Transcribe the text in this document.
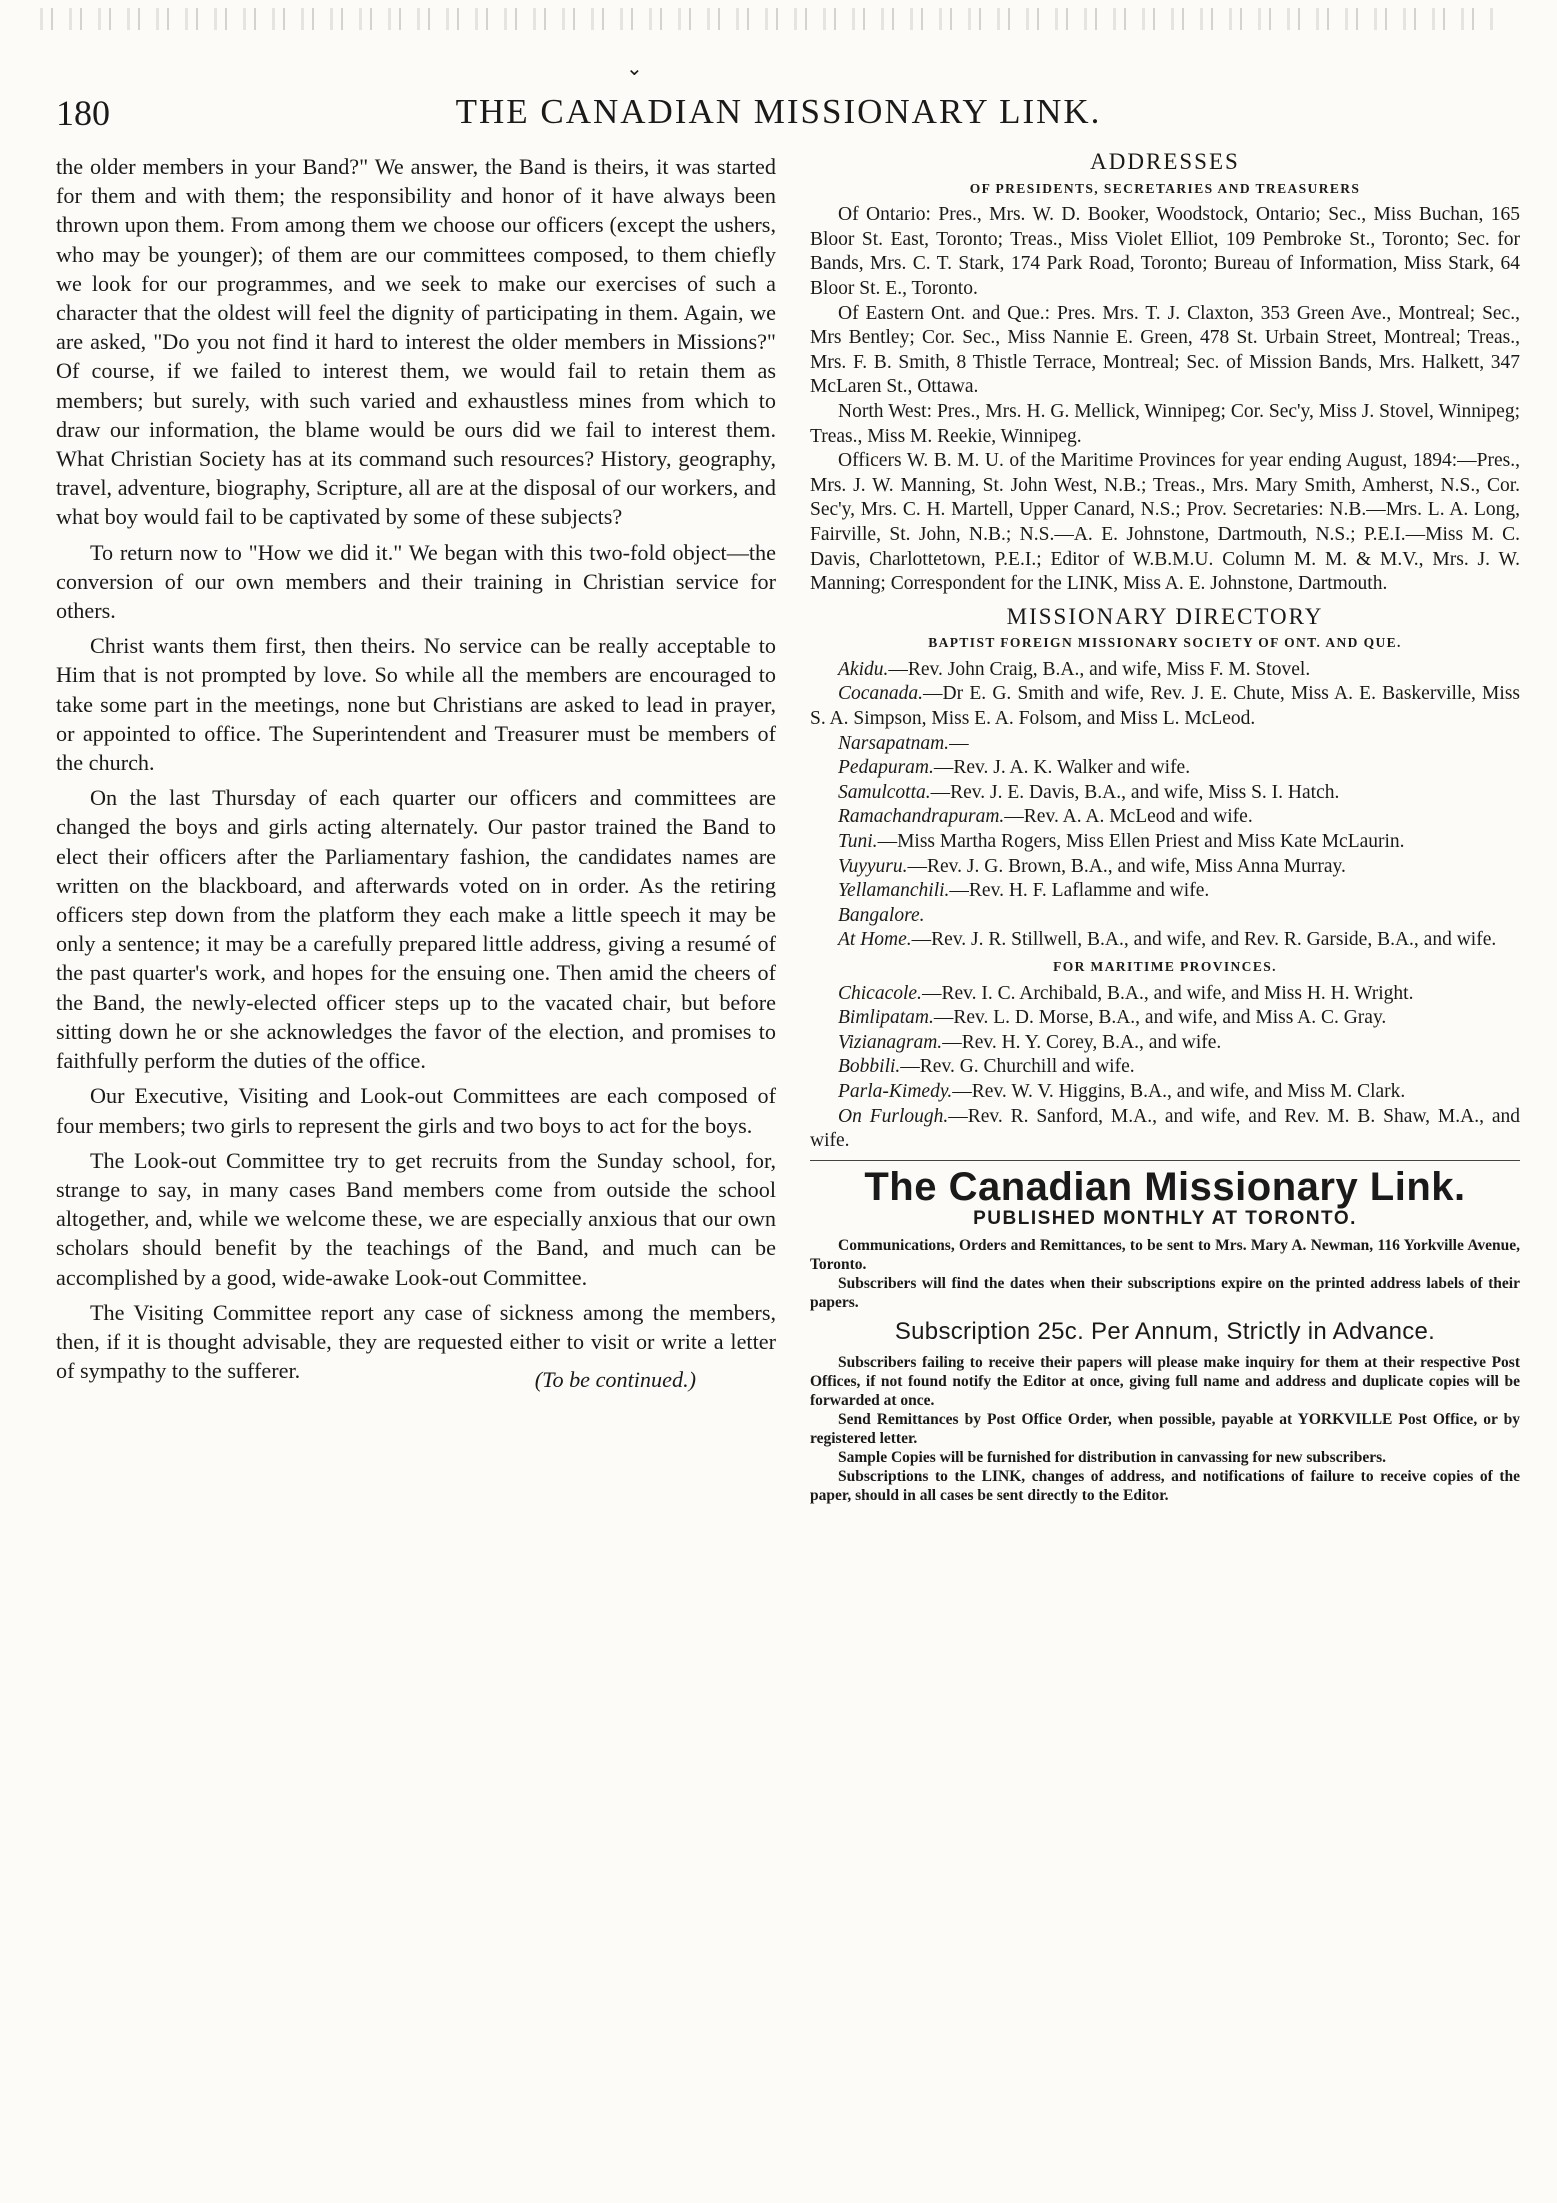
⌄
180	THE CANADIAN MISSIONARY LINK.

the older members in your Band?" We answer, the Band is theirs, it was started for them and with them; the responsibility and honor of it have always been thrown upon them. From among them we choose our officers (except the ushers, who may be younger); of them are our committees composed, to them chiefly we look for our programmes, and we seek to make our exercises of such a character that the oldest will feel the dignity of participating in them. Again, we are asked, "Do you not find it hard to interest the older members in Missions?" Of course, if we failed to interest them, we would fail to retain them as members; but surely, with such varied and exhaustless mines from which to draw our information, the blame would be ours did we fail to interest them. What Christian Society has at its command such resources? History, geography, travel, adventure, biography, Scripture, all are at the disposal of our workers, and what boy would fail to be captivated by some of these subjects?

To return now to "How we did it." We began with this two-fold object—the conversion of our own members and their training in Christian service for others.

Christ wants them first, then theirs. No service can be really acceptable to Him that is not prompted by love. So while all the members are encouraged to take some part in the meetings, none but Christians are asked to lead in prayer, or appointed to office. The Superintendent and Treasurer must be members of the church.

On the last Thursday of each quarter our officers and committees are changed the boys and girls acting alternately. Our pastor trained the Band to elect their officers after the Parliamentary fashion, the candidates names are written on the blackboard, and afterwards voted on in order. As the retiring officers step down from the platform they each make a little speech it may be only a sentence; it may be a carefully prepared little address, giving a resumé of the past quarter's work, and hopes for the ensuing one. Then amid the cheers of the Band, the newly-elected officer steps up to the vacated chair, but before sitting down he or she acknowledges the favor of the election, and promises to faithfully perform the duties of the office.

Our Executive, Visiting and Look-out Committees are each composed of four members; two girls to represent the girls and two boys to act for the boys.

The Look-out Committee try to get recruits from the Sunday school, for, strange to say, in many cases Band members come from outside the school altogether, and, while we welcome these, we are especially anxious that our own scholars should benefit by the teachings of the Band, and much can be accomplished by a good, wide-awake Look-out Committee.

The Visiting Committee report any case of sickness among the members, then, if it is thought advisable, they are requested either to visit or write a letter of sympathy to the sufferer.	(To be continued.)
ADDRESSES
OF PRESIDENTS, SECRETARIES AND TREASURERS

Of Ontario: Pres., Mrs. W. D. Booker, Woodstock, Ontario; Sec., Miss Buchan, 165 Bloor St. East, Toronto; Treas., Miss Violet Elliot, 109 Pembroke St., Toronto; Sec. for Bands, Mrs. C. T. Stark, 174 Park Road, Toronto; Bureau of Information, Miss Stark, 64 Bloor St. E., Toronto.

Of Eastern Ont. and Que.: Pres. Mrs. T. J. Claxton, 353 Green Ave., Montreal; Sec., Mrs Bentley; Cor. Sec., Miss Nannie E. Green, 478 St. Urbain Street, Montreal; Treas., Mrs. F. B. Smith, 8 Thistle Terrace, Montreal; Sec. of Mission Bands, Mrs. Halkett, 347 McLaren St., Ottawa.

North West: Pres., Mrs. H. G. Mellick, Winnipeg; Cor. Sec'y, Miss J. Stovel, Winnipeg; Treas., Miss M. Reekie, Winnipeg.

Officers W. B. M. U. of the Maritime Provinces for year ending August, 1894:—Pres., Mrs. J. W. Manning, St. John West, N.B.; Treas., Mrs. Mary Smith, Amherst, N.S., Cor. Sec'y, Mrs. C. H. Martell, Upper Canard, N.S.; Prov. Secretaries: N.B.—Mrs. L. A. Long, Fairville, St. John, N.B.; N.S.—A. E. Johnstone, Dartmouth, N.S.; P.E.I.—Miss M. C. Davis, Charlottetown, P.E.I.; Editor of W.B.M.U. Column M. M. & M.V., Mrs. J. W. Manning; Correspondent for the LINK, Miss A. E. Johnstone, Dartmouth.

MISSIONARY DIRECTORY
BAPTIST FOREIGN MISSIONARY SOCIETY OF ONT. AND QUE.

Akidu.—Rev. John Craig, B.A., and wife, Miss F. M. Stovel.

Cocanada.—Dr E. G. Smith and wife, Rev. J. E. Chute, Miss A. E. Baskerville, Miss S. A. Simpson, Miss E. A. Folsom, and Miss L. McLeod.

Narsapatnam.—

Pedapuram.—Rev. J. A. K. Walker and wife.

Samulcotta.—Rev. J. E. Davis, B.A., and wife, Miss S. I. Hatch.

Ramachandrapuram.—Rev. A. A. McLeod and wife.

Tuni.—Miss Martha Rogers, Miss Ellen Priest and Miss Kate McLaurin.

Vuyyuru.—Rev. J. G. Brown, B.A., and wife, Miss Anna Murray.

Yellamanchili.—Rev. H. F. Laflamme and wife.

Bangalore.

At Home.—Rev. J. R. Stillwell, B.A., and wife, and Rev. R. Garside, B.A., and wife.

FOR MARITIME PROVINCES.

Chicacole.—Rev. I. C. Archibald, B.A., and wife, and Miss H. H. Wright.

Bimlipatam.—Rev. L. D. Morse, B.A., and wife, and Miss A. C. Gray.

Vizianagram.—Rev. H. Y. Corey, B.A., and wife.

Bobbili.—Rev. G. Churchill and wife.

Parla-Kimedy.—Rev. W. V. Higgins, B.A., and wife, and Miss M. Clark.

On Furlough.—Rev. R. Sanford, M.A., and wife, and Rev. M. B. Shaw, M.A., and wife.

The Canadian Missionary Link.
PUBLISHED MONTHLY AT TORONTO.

Communications, Orders and Remittances, to be sent to Mrs. Mary A. Newman, 116 Yorkville Avenue, Toronto.

Subscribers will find the dates when their subscriptions expire on the printed address labels of their papers.

Subscription 25c. Per Annum, Strictly in Advance.

Subscribers failing to receive their papers will please make inquiry for them at their respective Post Offices, if not found notify the Editor at once, giving full name and address and duplicate copies will be forwarded at once.

Send Remittances by Post Office Order, when possible, payable at YORKVILLE Post Office, or by registered letter.

Sample Copies will be furnished for distribution in canvassing for new subscribers.

Subscriptions to the LINK, changes of address, and notifications of failure to receive copies of the paper, should in all cases be sent directly to the Editor.
